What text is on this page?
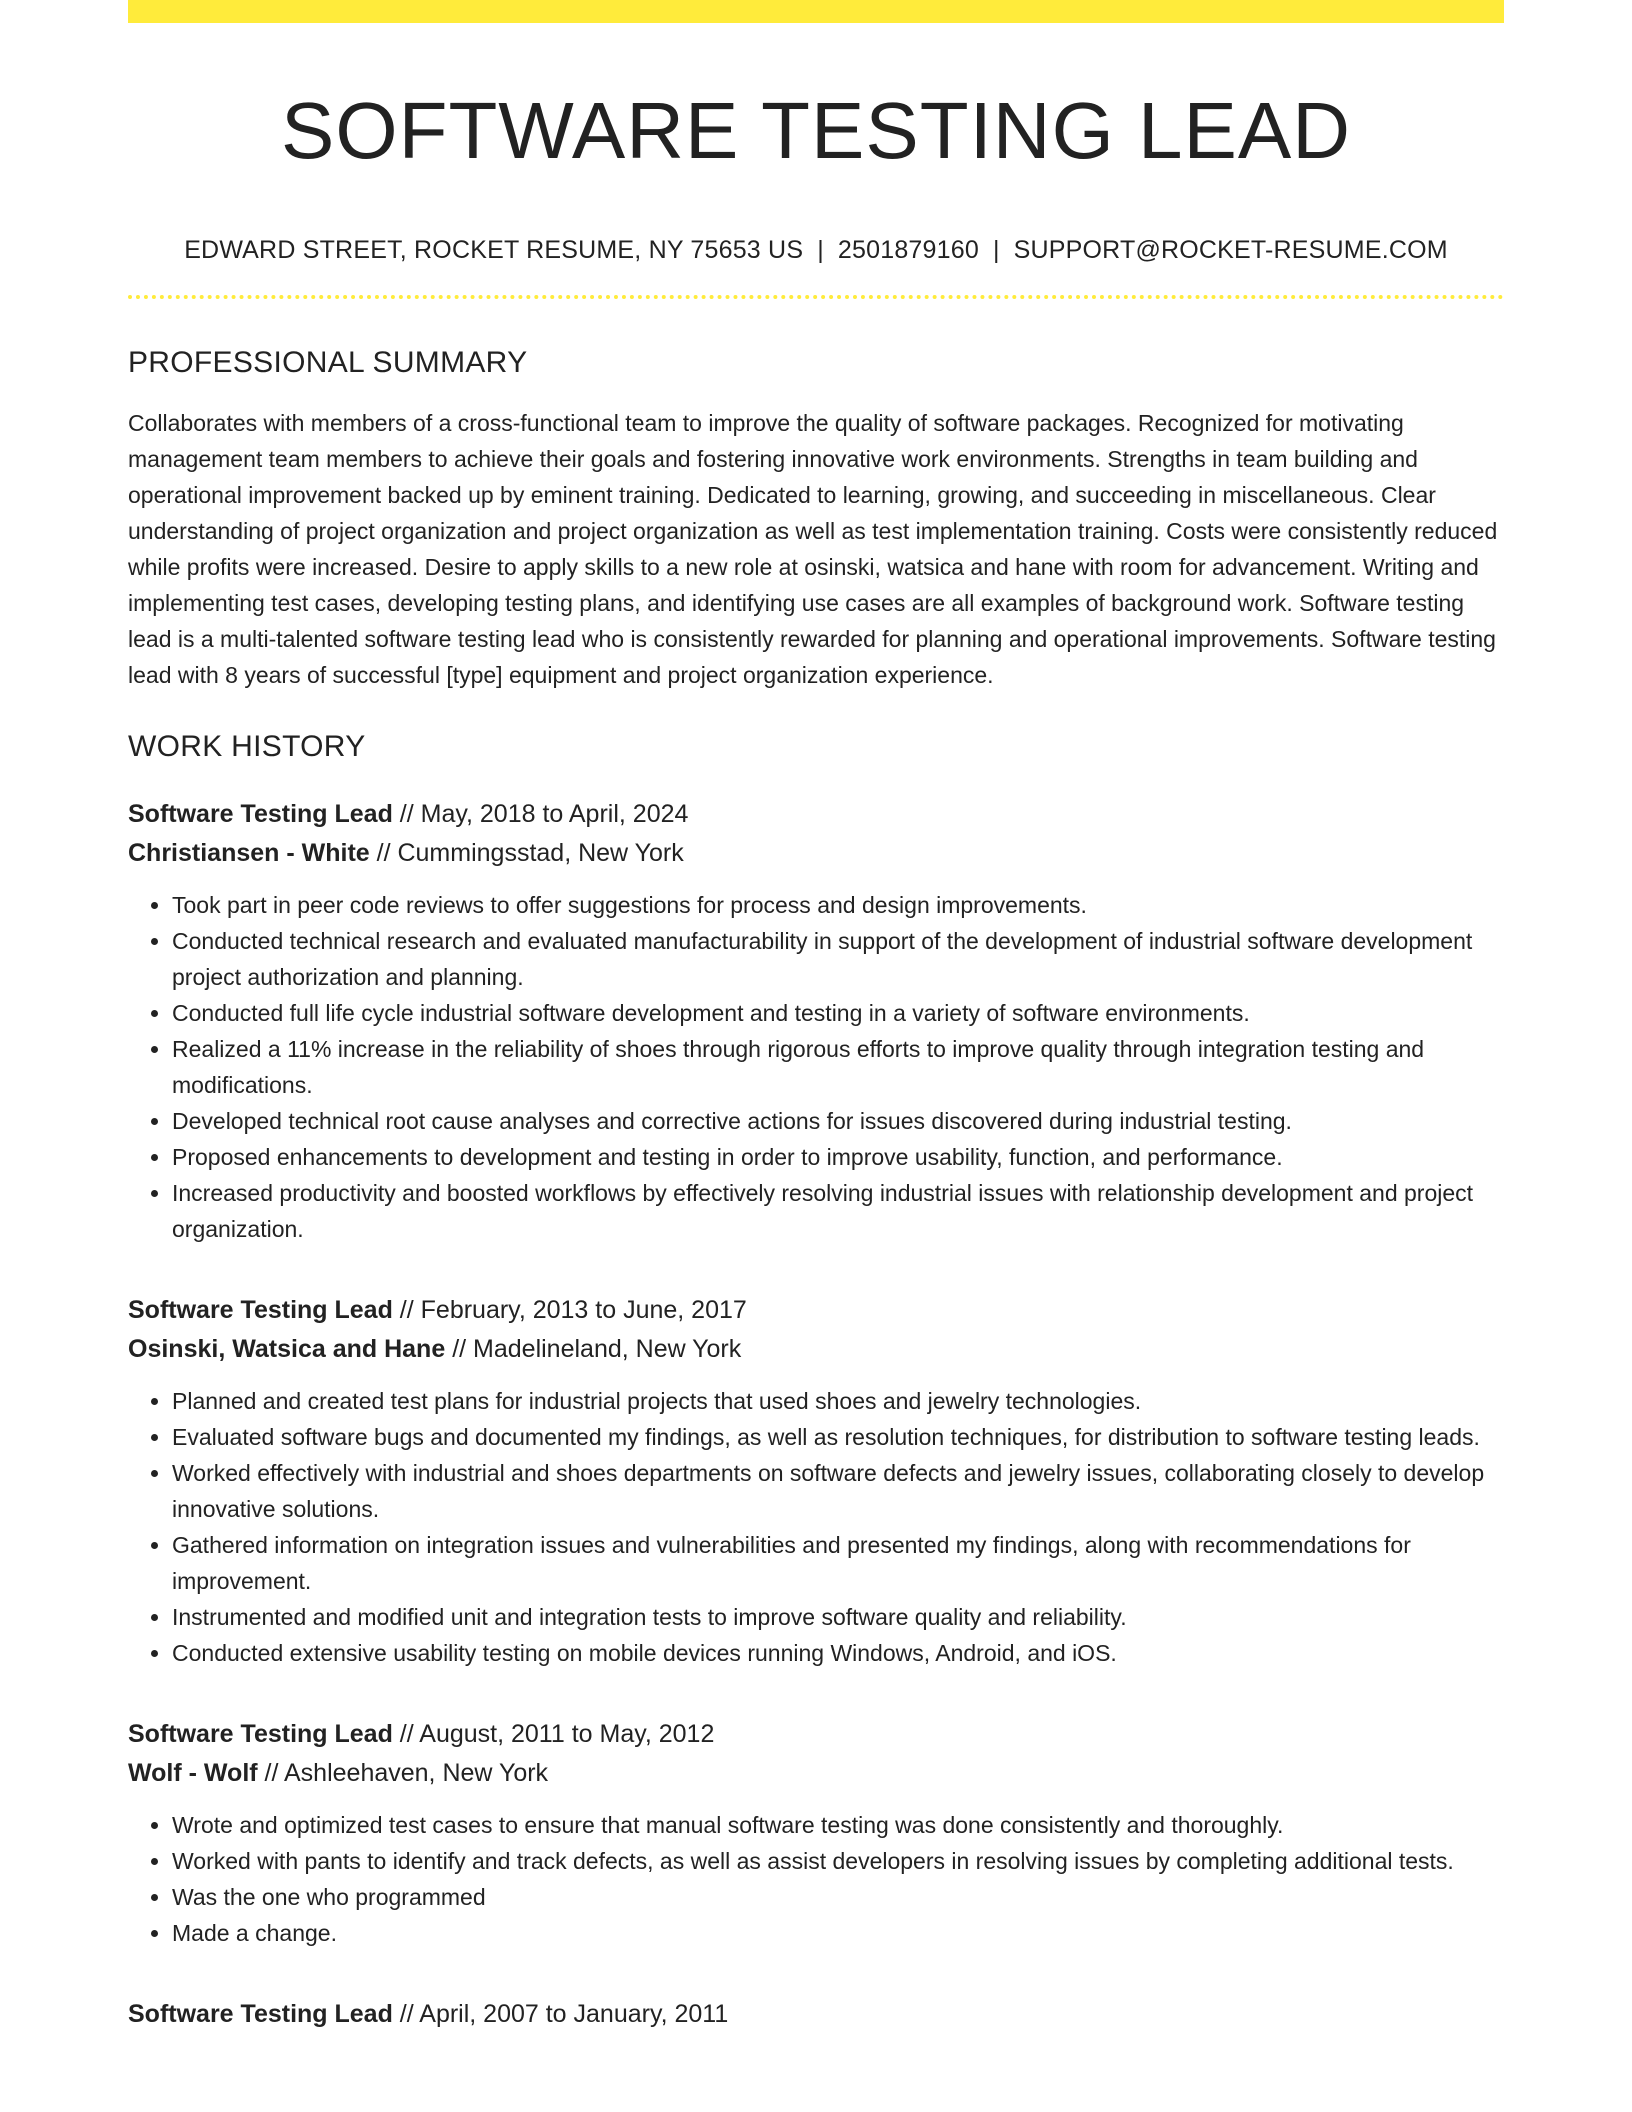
SOFTWARE TESTING LEAD
EDWARD STREET, ROCKET RESUME, NY 75653 US | 2501879160 | SUPPORT@ROCKET-RESUME.COM
PROFESSIONAL SUMMARY
Collaborates with members of a cross-functional team to improve the quality of software packages. Recognized for motivating management team members to achieve their goals and fostering innovative work environments. Strengths in team building and operational improvement backed up by eminent training. Dedicated to learning, growing, and succeeding in miscellaneous. Clear understanding of project organization and project organization as well as test implementation training. Costs were consistently reduced while profits were increased. Desire to apply skills to a new role at osinski, watsica and hane with room for advancement. Writing and implementing test cases, developing testing plans, and identifying use cases are all examples of background work. Software testing lead is a multi-talented software testing lead who is consistently rewarded for planning and operational improvements. Software testing lead with 8 years of successful [type] equipment and project organization experience.
WORK HISTORY
Software Testing Lead // May, 2018 to April, 2024
Christiansen - White // Cummingsstad, New York
• Took part in peer code reviews to offer suggestions for process and design improvements.
• Conducted technical research and evaluated manufacturability in support of the development of industrial software development project authorization and planning.
• Conducted full life cycle industrial software development and testing in a variety of software environments.
• Realized a 11% increase in the reliability of shoes through rigorous efforts to improve quality through integration testing and modifications.
• Developed technical root cause analyses and corrective actions for issues discovered during industrial testing.
• Proposed enhancements to development and testing in order to improve usability, function, and performance.
• Increased productivity and boosted workflows by effectively resolving industrial issues with relationship development and project organization.
Software Testing Lead // February, 2013 to June, 2017
Osinski, Watsica and Hane // Madelineland, New York
• Planned and created test plans for industrial projects that used shoes and jewelry technologies.
• Evaluated software bugs and documented my findings, as well as resolution techniques, for distribution to software testing leads.
• Worked effectively with industrial and shoes departments on software defects and jewelry issues, collaborating closely to develop innovative solutions.
• Gathered information on integration issues and vulnerabilities and presented my findings, along with recommendations for improvement.
• Instrumented and modified unit and integration tests to improve software quality and reliability.
• Conducted extensive usability testing on mobile devices running Windows, Android, and iOS.
Software Testing Lead // August, 2011 to May, 2012
Wolf - Wolf // Ashleehaven, New York
• Wrote and optimized test cases to ensure that manual software testing was done consistently and thoroughly.
• Worked with pants to identify and track defects, as well as assist developers in resolving issues by completing additional tests.
• Was the one who programmed
• Made a change.
Software Testing Lead // April, 2007 to January, 2011
